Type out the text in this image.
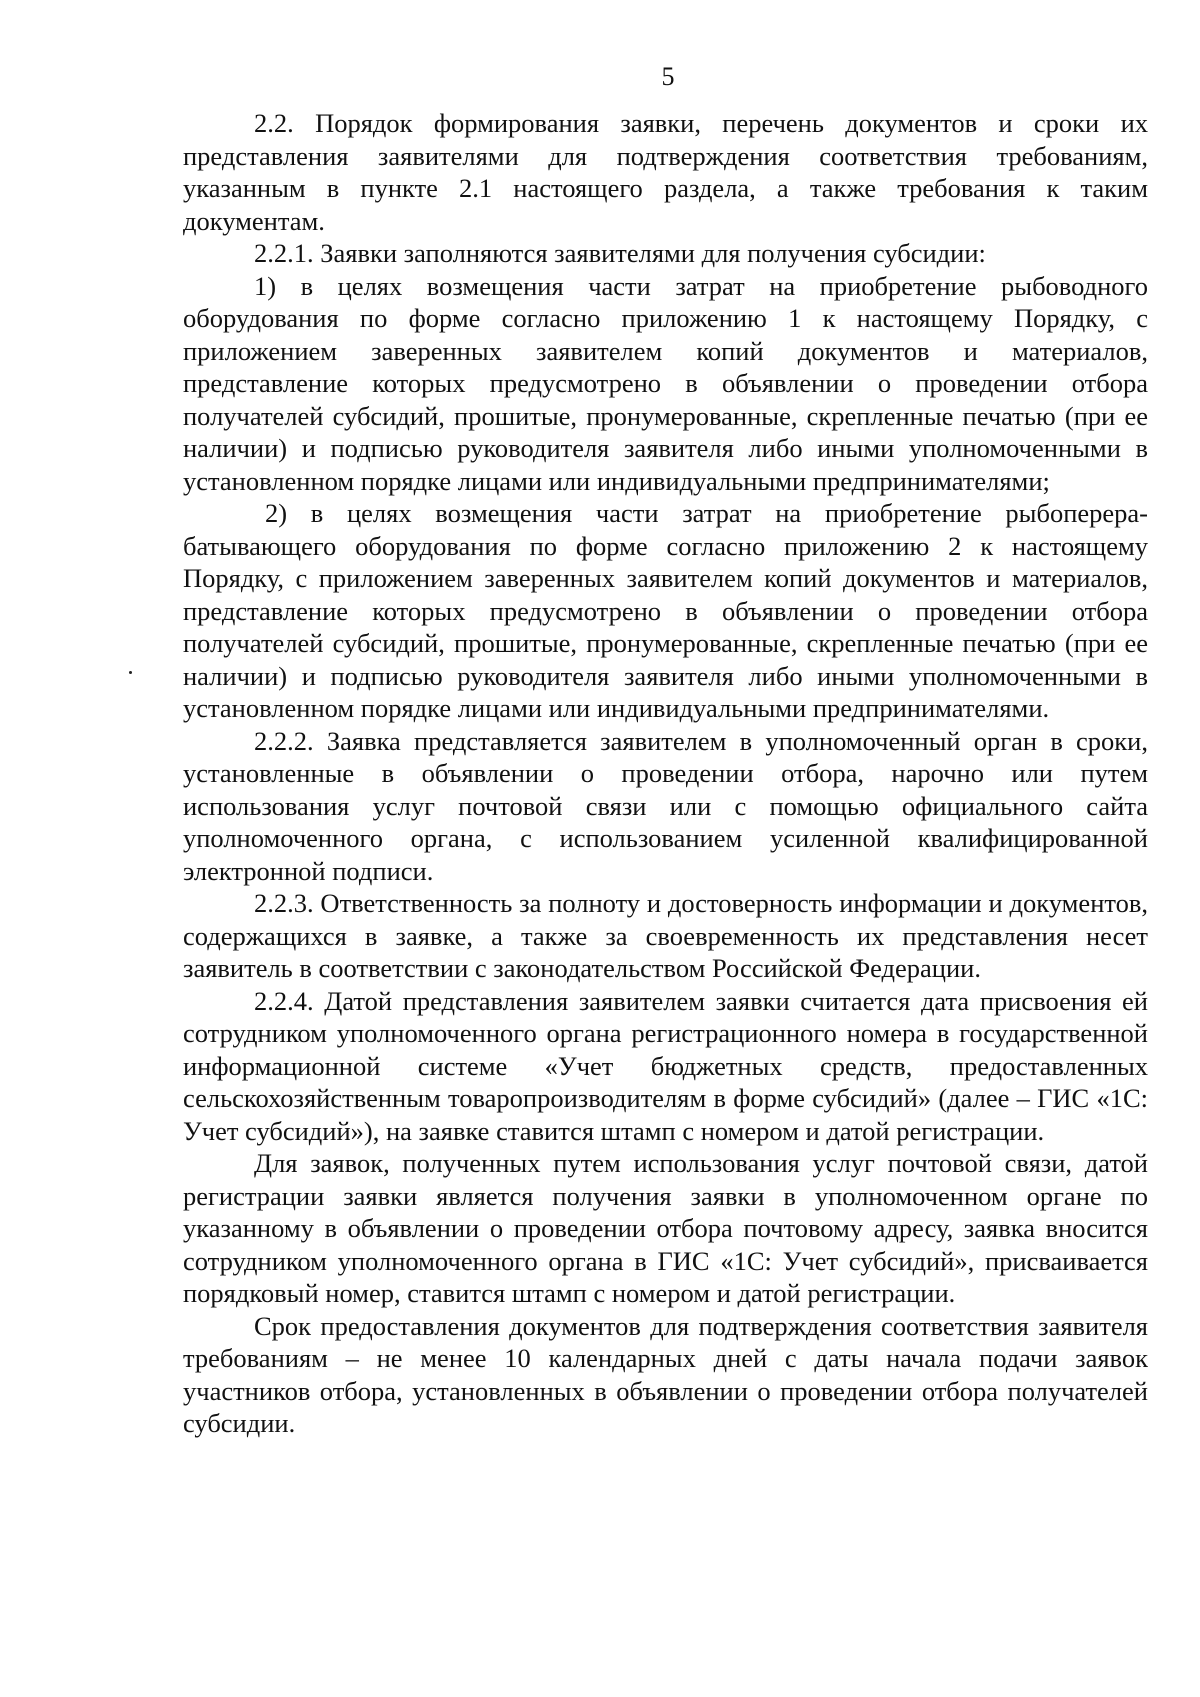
5

2.2. Порядок формирования заявки, перечень документов и сроки их представления заявителями для подтверждения соответствия требованиям, указанным в пункте 2.1 настоящего раздела, а также требования к таким документам.

2.2.1. Заявки заполняются заявителями для получения субсидии:

1) в целях возмещения части затрат на приобретение рыбоводного оборудования по форме согласно приложению 1 к настоящему Порядку, с приложением заверенных заявителем копий документов и материалов, представление которых предусмотрено в объявлении о проведении отбора получателей субсидий, прошитые, пронумерованные, скрепленные печатью (при ее наличии) и подписью руководителя заявителя либо иными уполномоченными в установленном порядке лицами или индивидуальными предпринимателями;

2) в целях возмещения части затрат на приобретение рыбоперерабатывающего оборудования по форме согласно приложению 2 к настоящему Порядку, с приложением заверенных заявителем копий документов и материалов, представление которых предусмотрено в объявлении о проведении отбора получателей субсидий, прошитые, пронумерованные, скрепленные печатью (при ее наличии) и подписью руководителя заявителя либо иными уполномоченными в установленном порядке лицами или индивидуальными предпринимателями.

2.2.2. Заявка представляется заявителем в уполномоченный орган в сроки, установленные в объявлении о проведении отбора, нарочно или путем использования услуг почтовой связи или с помощью официального сайта уполномоченного органа, с использованием усиленной квалифицированной электронной подписи.

2.2.3. Ответственность за полноту и достоверность информации и документов, содержащихся в заявке, а также за своевременность их представления несет заявитель в соответствии с законодательством Российской Федерации.

2.2.4. Датой представления заявителем заявки считается дата присвоения ей сотрудником уполномоченного органа регистрационного номера в государственной информационной системе «Учет бюджетных средств, предоставленных сельскохозяйственным товаропроизводителям в форме субсидий» (далее – ГИС «1С: Учет субсидий»), на заявке ставится штамп с номером и датой регистрации.

Для заявок, полученных путем использования услуг почтовой связи, датой регистрации заявки является получения заявки в уполномоченном органе по указанному в объявлении о проведении отбора почтовому адресу, заявка вносится сотрудником уполномоченного органа в ГИС «1С: Учет субсидий», присваивается порядковый номер, ставится штамп с номером и датой регистрации.

Срок предоставления документов для подтверждения соответствия заявителя требованиям – не менее 10 календарных дней с даты начала подачи заявок участников отбора, установленных в объявлении о проведении отбора получателей субсидии.
